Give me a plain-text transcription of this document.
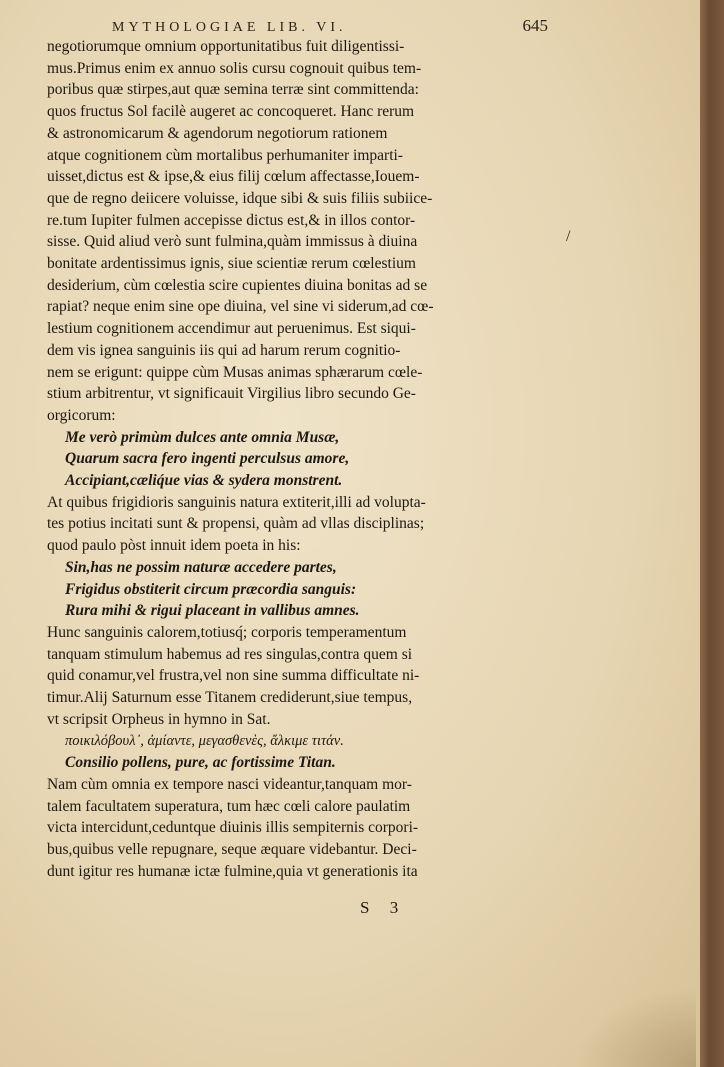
MYTHOLOGIAE LIB. VI.	645
/
negotiorumque omnium opportunitatibus fuit diligentissi-
mus.Primus enim ex annuo solis cursu cognouit quibus tem-
poribus quæ stirpes,aut quæ semina terræ sint committenda:
quos fructus Sol facilè augeret ac concoqueret. Hanc rerum
& astronomicarum & agendorum negotiorum rationem
atque cognitionem cùm mortalibus perhumaniter imparti-
uisset,dictus est & ipse,& eius filij cœlum affectasse,Iouem-
que de regno deiicere voluisse, idque sibi & suis filiis subiice-
re.tum Iupiter fulmen accepisse dictus est,& in illos contor-
sisse. Quid aliud verò sunt fulmina,quàm immissus à diuina
bonitate ardentissimus ignis, siue scientiæ rerum cœlestium
desiderium, cùm cœlestia scire cupientes diuina bonitas ad se
rapiat? neque enim sine ope diuina, vel sine vi siderum,ad cœ-
lestium cognitionem accendimur aut peruenimus. Est siqui-
dem vis ignea sanguinis iis qui ad harum rerum cognitio-
nem se erigunt: quippe cùm Musas animas sphærarum cœle-
stium arbitrentur, vt significauit Virgilius libro secundo Ge-
orgicorum:
Me verò primùm dulces ante omnia Musæ,
Quarum sacra fero ingenti perculsus amore,
Accipiant,cæliq́ue vias & sydera monstrent.
At quibus frigidioris sanguinis natura extiterit,illi ad volupta-
tes potius incitati sunt & propensi, quàm ad vllas disciplinas;
quod paulo pòst innuit idem poeta in his:
Sin,has ne possim naturæ accedere partes,
Frigidus obstiterit circum præcordia sanguis:
Rura mihi & rigui placeant in vallibus amnes.
Hunc sanguinis calorem,totiusq́; corporis temperamentum
tanquam stimulum habemus ad res singulas,contra quem si
quid conamur,vel frustra,vel non sine summa difficultate ni-
timur.Alij Saturnum esse Titanem crediderunt,siue tempus,
vt scripsit Orpheus in hymno in Sat.
ποικιλόβουλ᾽, ἀμίαντε, μεγασθενὲς, ἄλκιμε τιτάν.
Consilio pollens, pure, ac fortissime Titan.
Nam cùm omnia ex tempore nasci videantur,tanquam mor-
talem facultatem superatura, tum hæc cœli calore paulatim
victa intercidunt,ceduntque diuinis illis sempiternis corpori-
bus,quibus velle repugnare, seque æquare videbantur. Deci-
dunt igitur res humanæ ictæ fulmine,quia vt generationis ita
S 3
